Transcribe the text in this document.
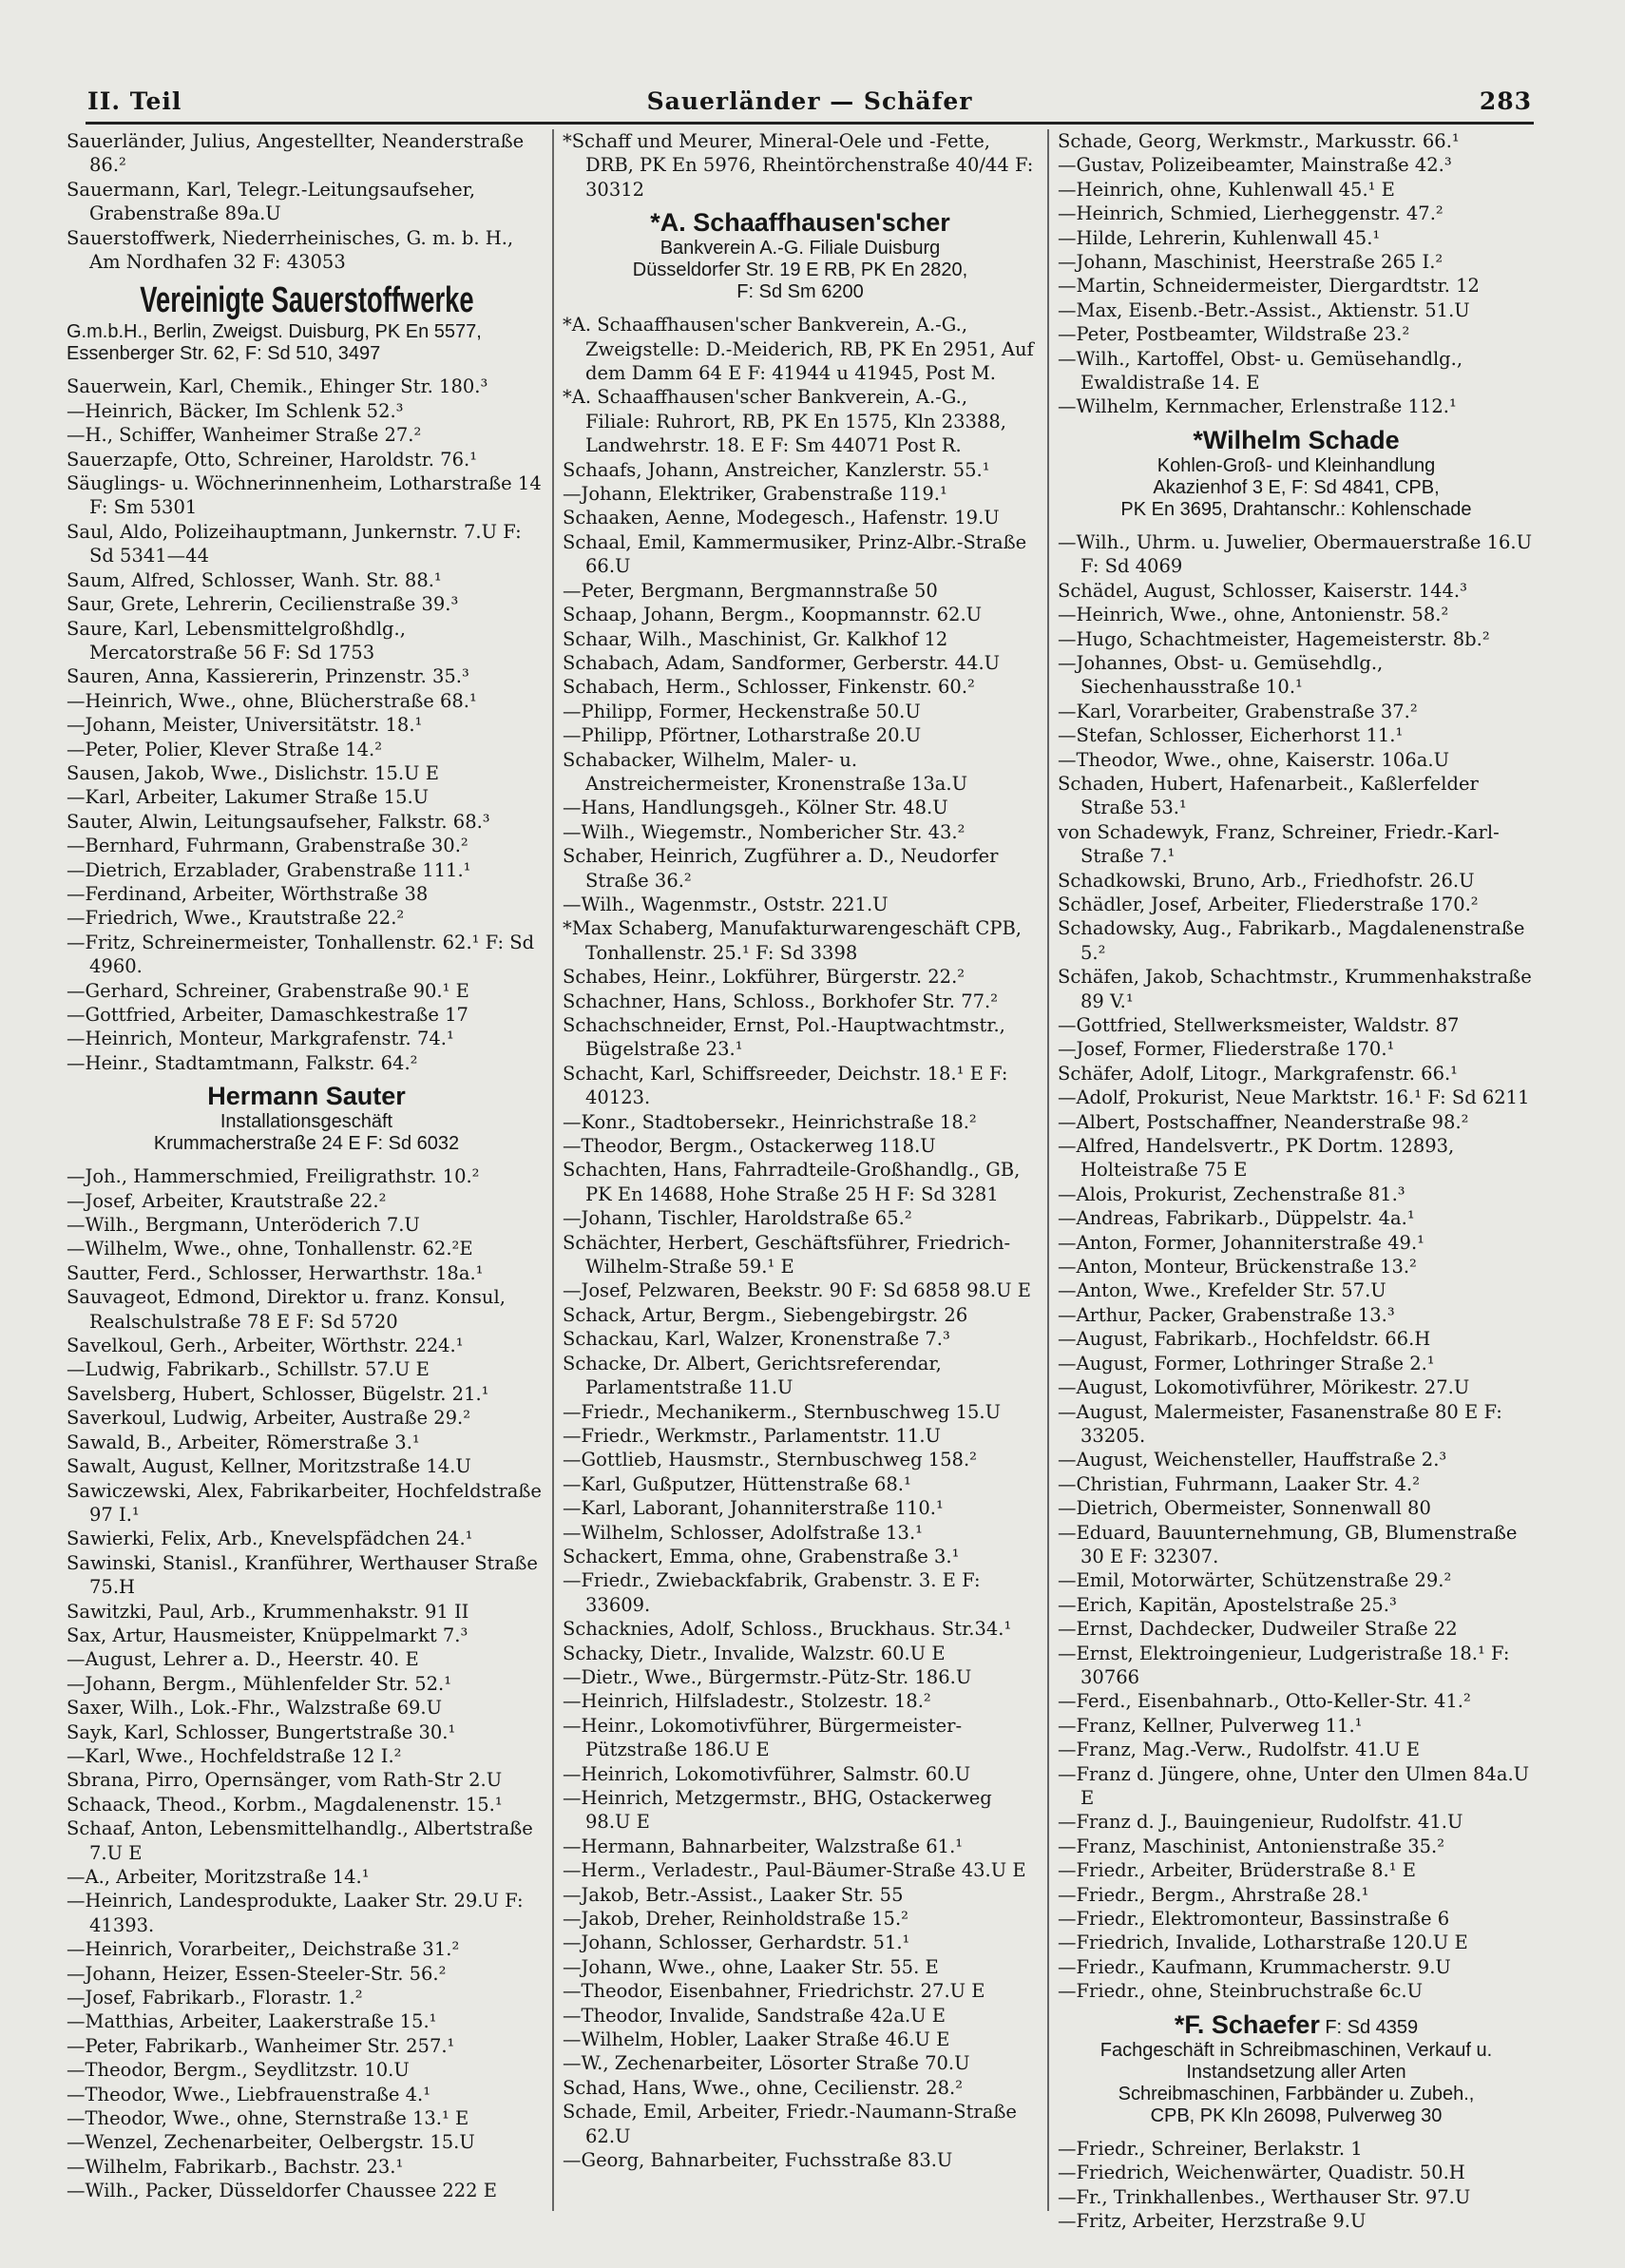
II. Teil	Sauerländer — Schäfer	283

Sauerländer, Julius, Angestellter, Neanderstraße 86.²

Sauermann, Karl, Telegr.-Leitungsaufseher, Grabenstraße 89a.U

Sauerstoffwerk, Niederrheinisches, G. m. b. H., Am Nordhafen 32 F: 43053

Vereinigte Sauerstoffwerke
G.m.b.H., Berlin, Zweigst. Duisburg, PK En 5577, Essenberger Str. 62, F: Sd 510, 3497

Sauerwein, Karl, Chemik., Ehinger Str. 180.³

—Heinrich, Bäcker, Im Schlenk 52.³

—H., Schiffer, Wanheimer Straße 27.²

Sauerzapfe, Otto, Schreiner, Haroldstr. 76.¹

Säuglings- u. Wöchnerinnenheim, Lotharstraße 14 F: Sm 5301

Saul, Aldo, Polizeihauptmann, Junkernstr. 7.U F: Sd 5341—44

Saum, Alfred, Schlosser, Wanh. Str. 88.¹

Saur, Grete, Lehrerin, Cecilienstraße 39.³

Saure, Karl, Lebensmittelgroßhdlg., Mercatorstraße 56 F: Sd 1753

Sauren, Anna, Kassiererin, Prinzenstr. 35.³

—Heinrich, Wwe., ohne, Blücherstraße 68.¹

—Johann, Meister, Universitätstr. 18.¹

—Peter, Polier, Klever Straße 14.²

Sausen, Jakob, Wwe., Dislichstr. 15.U E

—Karl, Arbeiter, Lakumer Straße 15.U

Sauter, Alwin, Leitungsaufseher, Falkstr. 68.³

—Bernhard, Fuhrmann, Grabenstraße 30.²

—Dietrich, Erzablader, Grabenstraße 111.¹

—Ferdinand, Arbeiter, Wörthstraße 38

—Friedrich, Wwe., Krautstraße 22.²

—Fritz, Schreinermeister, Tonhallenstr. 62.¹ F: Sd 4960.

—Gerhard, Schreiner, Grabenstraße 90.¹ E

—Gottfried, Arbeiter, Damaschkestraße 17

—Heinrich, Monteur, Markgrafenstr. 74.¹

—Heinr., Stadtamtmann, Falkstr. 64.²

Hermann Sauter
Installationsgeschäft
Krummacherstraße 24 E F: Sd 6032

—Joh., Hammerschmied, Freiligrathstr. 10.²

—Josef, Arbeiter, Krautstraße 22.²

—Wilh., Bergmann, Unteröderich 7.U

—Wilhelm, Wwe., ohne, Tonhallenstr. 62.²E

Sautter, Ferd., Schlosser, Herwarthstr. 18a.¹

Sauvageot, Edmond, Direktor u. franz. Konsul, Realschulstraße 78 E F: Sd 5720

Savelkoul, Gerh., Arbeiter, Wörthstr. 224.¹

—Ludwig, Fabrikarb., Schillstr. 57.U E

Savelsberg, Hubert, Schlosser, Bügelstr. 21.¹

Saverkoul, Ludwig, Arbeiter, Austraße 29.²

Sawald, B., Arbeiter, Römerstraße 3.¹

Sawalt, August, Kellner, Moritzstraße 14.U

Sawiczewski, Alex, Fabrikarbeiter, Hochfeldstraße 97 I.¹

Sawierki, Felix, Arb., Knevelspfädchen 24.¹

Sawinski, Stanisl., Kranführer, Werthauser Straße 75.H

Sawitzki, Paul, Arb., Krummenhakstr. 91 II

Sax, Artur, Hausmeister, Knüppelmarkt 7.³

—August, Lehrer a. D., Heerstr. 40. E

—Johann, Bergm., Mühlenfelder Str. 52.¹

Saxer, Wilh., Lok.-Fhr., Walzstraße 69.U

Sayk, Karl, Schlosser, Bungertstraße 30.¹

—Karl, Wwe., Hochfeldstraße 12 I.²

Sbrana, Pirro, Opernsänger, vom Rath-Str 2.U

Schaack, Theod., Korbm., Magdalenenstr. 15.¹

Schaaf, Anton, Lebensmittelhandlg., Albertstraße 7.U E

—A., Arbeiter, Moritzstraße 14.¹

—Heinrich, Landesprodukte, Laaker Str. 29.U F: 41393.

—Heinrich, Vorarbeiter,, Deichstraße 31.²

—Johann, Heizer, Essen-Steeler-Str. 56.²

—Josef, Fabrikarb., Florastr. 1.²

—Matthias, Arbeiter, Laakerstraße 15.¹

—Peter, Fabrikarb., Wanheimer Str. 257.¹

—Theodor, Bergm., Seydlitzstr. 10.U

—Theodor, Wwe., Liebfrauenstraße 4.¹

—Theodor, Wwe., ohne, Sternstraße 13.¹ E

—Wenzel, Zechenarbeiter, Oelbergstr. 15.U

—Wilhelm, Fabrikarb., Bachstr. 23.¹

—Wilh., Packer, Düsseldorfer Chaussee 222 E

*Schaff und Meurer, Mineral-Oele und -Fette, DRB, PK En 5976, Rheintörchenstraße 40/44 F: 30312

*A. Schaaffhausen'scher
Bankverein A.-G. Filiale Duisburg
Düsseldorfer Str. 19 E RB, PK En 2820,
F: Sd Sm 6200

*A. Schaaffhausen'scher Bankverein, A.-G., Zweigstelle: D.-Meiderich, RB, PK En 2951, Auf dem Damm 64 E F: 41944 u 41945, Post M.

*A. Schaaffhausen'scher Bankverein, A.-G., Filiale: Ruhrort, RB, PK En 1575, Kln 23388, Landwehrstr. 18. E F: Sm 44071 Post R.

Schaafs, Johann, Anstreicher, Kanzlerstr. 55.¹

—Johann, Elektriker, Grabenstraße 119.¹

Schaaken, Aenne, Modegesch., Hafenstr. 19.U

Schaal, Emil, Kammermusiker, Prinz-Albr.-Straße 66.U

—Peter, Bergmann, Bergmannstraße 50

Schaap, Johann, Bergm., Koopmannstr. 62.U

Schaar, Wilh., Maschinist, Gr. Kalkhof 12

Schabach, Adam, Sandformer, Gerberstr. 44.U

Schabach, Herm., Schlosser, Finkenstr. 60.²

—Philipp, Former, Heckenstraße 50.U

—Philipp, Pförtner, Lotharstraße 20.U

Schabacker, Wilhelm, Maler- u. Anstreichermeister, Kronenstraße 13a.U

—Hans, Handlungsgeh., Kölner Str. 48.U

—Wilh., Wiegemstr., Nombericher Str. 43.²

Schaber, Heinrich, Zugführer a. D., Neudorfer Straße 36.²

—Wilh., Wagenmstr., Oststr. 221.U

*Max Schaberg, Manufakturwarengeschäft CPB, Tonhallenstr. 25.¹ F: Sd 3398

Schabes, Heinr., Lokführer, Bürgerstr. 22.²

Schachner, Hans, Schloss., Borkhofer Str. 77.²

Schachschneider, Ernst, Pol.-Hauptwachtmstr., Bügelstraße 23.¹

Schacht, Karl, Schiffsreeder, Deichstr. 18.¹ E F: 40123.

—Konr., Stadtobersekr., Heinrichstraße 18.²

—Theodor, Bergm., Ostackerweg 118.U

Schachten, Hans, Fahrradteile-Großhandlg., GB, PK En 14688, Hohe Straße 25 H F: Sd 3281

—Johann, Tischler, Haroldstraße 65.²

Schächter, Herbert, Geschäftsführer, Friedrich-Wilhelm-Straße 59.¹ E

—Josef, Pelzwaren, Beekstr. 90 F: Sd 6858 98.U E

Schack, Artur, Bergm., Siebengebirgstr. 26

Schackau, Karl, Walzer, Kronenstraße 7.³

Schacke, Dr. Albert, Gerichtsreferendar, Parlamentstraße 11.U

—Friedr., Mechanikerm., Sternbuschweg 15.U

—Friedr., Werkmstr., Parlamentstr. 11.U

—Gottlieb, Hausmstr., Sternbuschweg 158.²

—Karl, Gußputzer, Hüttenstraße 68.¹

—Karl, Laborant, Johanniterstraße 110.¹

—Wilhelm, Schlosser, Adolfstraße 13.¹

Schackert, Emma, ohne, Grabenstraße 3.¹

—Friedr., Zwiebackfabrik, Grabenstr. 3. E F: 33609.

Schacknies, Adolf, Schloss., Bruckhaus. Str.34.¹

Schacky, Dietr., Invalide, Walzstr. 60.U E

—Dietr., Wwe., Bürgermstr.-Pütz-Str. 186.U

—Heinrich, Hilfsladestr., Stolzestr. 18.²

—Heinr., Lokomotivführer, Bürgermeister-Pützstraße 186.U E

—Heinrich, Lokomotivführer, Salmstr. 60.U

—Heinrich, Metzgermstr., BHG, Ostackerweg 98.U E

—Hermann, Bahnarbeiter, Walzstraße 61.¹

—Herm., Verladestr., Paul-Bäumer-Straße 43.U E

—Jakob, Betr.-Assist., Laaker Str. 55

—Jakob, Dreher, Reinholdstraße 15.²

—Johann, Schlosser, Gerhardstr. 51.¹

—Johann, Wwe., ohne, Laaker Str. 55. E

—Theodor, Eisenbahner, Friedrichstr. 27.U E

—Theodor, Invalide, Sandstraße 42a.U E

—Wilhelm, Hobler, Laaker Straße 46.U E

—W., Zechenarbeiter, Lösorter Straße 70.U

Schad, Hans, Wwe., ohne, Cecilienstr. 28.²

Schade, Emil, Arbeiter, Friedr.-Naumann-Straße 62.U

—Georg, Bahnarbeiter, Fuchsstraße 83.U

Schade, Georg, Werkmstr., Markusstr. 66.¹

—Gustav, Polizeibeamter, Mainstraße 42.³

—Heinrich, ohne, Kuhlenwall 45.¹ E

—Heinrich, Schmied, Lierheggenstr. 47.²

—Hilde, Lehrerin, Kuhlenwall 45.¹

—Johann, Maschinist, Heerstraße 265 I.²

—Martin, Schneidermeister, Diergardtstr. 12

—Max, Eisenb.-Betr.-Assist., Aktienstr. 51.U

—Peter, Postbeamter, Wildstraße 23.²

—Wilh., Kartoffel, Obst- u. Gemüsehandlg., Ewaldistraße 14. E

—Wilhelm, Kernmacher, Erlenstraße 112.¹

*Wilhelm Schade
Kohlen-Groß- und Kleinhandlung
Akazienhof 3 E, F: Sd 4841, CPB,
PK En 3695, Drahtanschr.: Kohlenschade

—Wilh., Uhrm. u. Juwelier, Obermauerstraße 16.U F: Sd 4069

Schädel, August, Schlosser, Kaiserstr. 144.³

—Heinrich, Wwe., ohne, Antonienstr. 58.²

—Hugo, Schachtmeister, Hagemeisterstr. 8b.²

—Johannes, Obst- u. Gemüsehdlg., Siechenhausstraße 10.¹

—Karl, Vorarbeiter, Grabenstraße 37.²

—Stefan, Schlosser, Eicherhorst 11.¹

—Theodor, Wwe., ohne, Kaiserstr. 106a.U

Schaden, Hubert, Hafenarbeit., Kaßlerfelder Straße 53.¹

von Schadewyk, Franz, Schreiner, Friedr.-Karl-Straße 7.¹

Schadkowski, Bruno, Arb., Friedhofstr. 26.U

Schädler, Josef, Arbeiter, Fliederstraße 170.²

Schadowsky, Aug., Fabrikarb., Magdalenenstraße 5.²

Schäfen, Jakob, Schachtmstr., Krummenhakstraße 89 V.¹

—Gottfried, Stellwerksmeister, Waldstr. 87

—Josef, Former, Fliederstraße 170.¹

Schäfer, Adolf, Litogr., Markgrafenstr. 66.¹

—Adolf, Prokurist, Neue Marktstr. 16.¹ F: Sd 6211

—Albert, Postschaffner, Neanderstraße 98.²

—Alfred, Handelsvertr., PK Dortm. 12893, Holteistraße 75 E

—Alois, Prokurist, Zechenstraße 81.³

—Andreas, Fabrikarb., Düppelstr. 4a.¹

—Anton, Former, Johanniterstraße 49.¹

—Anton, Monteur, Brückenstraße 13.²

—Anton, Wwe., Krefelder Str. 57.U

—Arthur, Packer, Grabenstraße 13.³

—August, Fabrikarb., Hochfeldstr. 66.H

—August, Former, Lothringer Straße 2.¹

—August, Lokomotivführer, Mörikestr. 27.U

—August, Malermeister, Fasanenstraße 80 E F: 33205.

—August, Weichensteller, Hauffstraße 2.³

—Christian, Fuhrmann, Laaker Str. 4.²

—Dietrich, Obermeister, Sonnenwall 80

—Eduard, Bauunternehmung, GB, Blumenstraße 30 E F: 32307.

—Emil, Motorwärter, Schützenstraße 29.²

—Erich, Kapitän, Apostelstraße 25.³

—Ernst, Dachdecker, Dudweiler Straße 22

—Ernst, Elektroingenieur, Ludgeristraße 18.¹ F: 30766

—Ferd., Eisenbahnarb., Otto-Keller-Str. 41.²

—Franz, Kellner, Pulverweg 11.¹

—Franz, Mag.-Verw., Rudolfstr. 41.U E

—Franz d. Jüngere, ohne, Unter den Ulmen 84a.U E

—Franz d. J., Bauingenieur, Rudolfstr. 41.U

—Franz, Maschinist, Antonienstraße 35.²

—Friedr., Arbeiter, Brüderstraße 8.¹ E

—Friedr., Bergm., Ahrstraße 28.¹

—Friedr., Elektromonteur, Bassinstraße 6

—Friedrich, Invalide, Lotharstraße 120.U E

—Friedr., Kaufmann, Krummacherstr. 9.U

—Friedr., ohne, Steinbruchstraße 6c.U

*F. Schaefer F: Sd 4359
Fachgeschäft in Schreibmaschinen, Verkauf u. Instandsetzung aller Arten
Schreibmaschinen, Farbbänder u. Zubeh.,
CPB, PK Kln 26098, Pulverweg 30

—Friedr., Schreiner, Berlakstr. 1

—Friedrich, Weichenwärter, Quadistr. 50.H

—Fr., Trinkhallenbes., Werthauser Str. 97.U

—Fritz, Arbeiter, Herzstraße 9.U
